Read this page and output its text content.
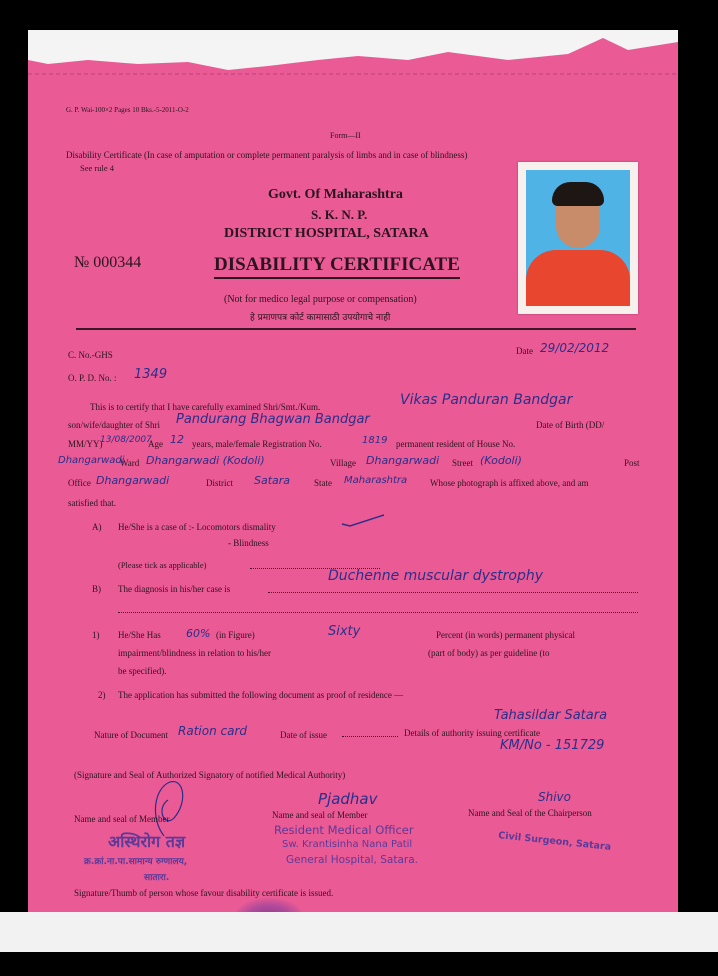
G. P. Wai-100×2 Pages 10 Bks.-5-2011-O-2
Form—II
Disability Certificate (In case of amputation or complete permanent paralysis of limbs and in case of blindness)
See rule 4
Govt. Of Maharashtra
S. K. N. P.
DISTRICT HOSPITAL, SATARA
№ 000344	DISABILITY CERTIFICATE
(Not for medico legal purpose or compensation)
हे प्रमाणपत्र कोर्ट कामासाठी उपयोगाचे नाही
C. No.-GHS	Date 29/02/2012
O. P. D. No. : 1349
This is to certify that I have carefully examined Shri/Smt./Kum.	Vikas Panduran Bandgar
son/wife/daughter of Shri Pandurang Bhagwan Bandgar	Date of Birth (DD/
MM/YY)
13/08/2007
Age 12 years, male/female Registration No.	1819 permanent resident of House No.
Dhangarwadi
Ward Dhangarwadi (Kodoli)	Village Dhangarwadi Street (Kodoli)	Post
Office Dhangarwadi	District Satara	State Maharashtra	Whose photograph is affixed above, and am
satisfied that.
A) He/She is a case of :- Locomotors dismality
- Blindness
(Please tick as applicable)
B) The diagnosis in his/her case is
Duchenne muscular dystrophy
1) He/She Has 60% (in Figure)	Sixty	Percent (in words) permanent physical
impairment/blindness in relation to his/her	(part of body) as per guideline (to
be specified).
2) The application has submitted the following document as proof of residence —
Tahasildar Satara
Nature of Document Ration card	Date of issue	Details of authority issuing certificate
KM/No - 151729
(Signature and Seal of Authorized Signatory of notified Medical Authority)
Name and seal of Member
Pjadhav
Name and seal of Member
Shivo
Name and Seal of the Chairperson
अस्थिरोग तज्ञ
क्र.क्रां.ना.पा.सामान्य रुग्णालय,
सातारा.
Resident Medical Officer
Sw. Krantisinha Nana Patil
General Hospital, Satara.
Civil Surgeon, Satara
Signature/Thumb of person whose favour disability certificate is issued.
